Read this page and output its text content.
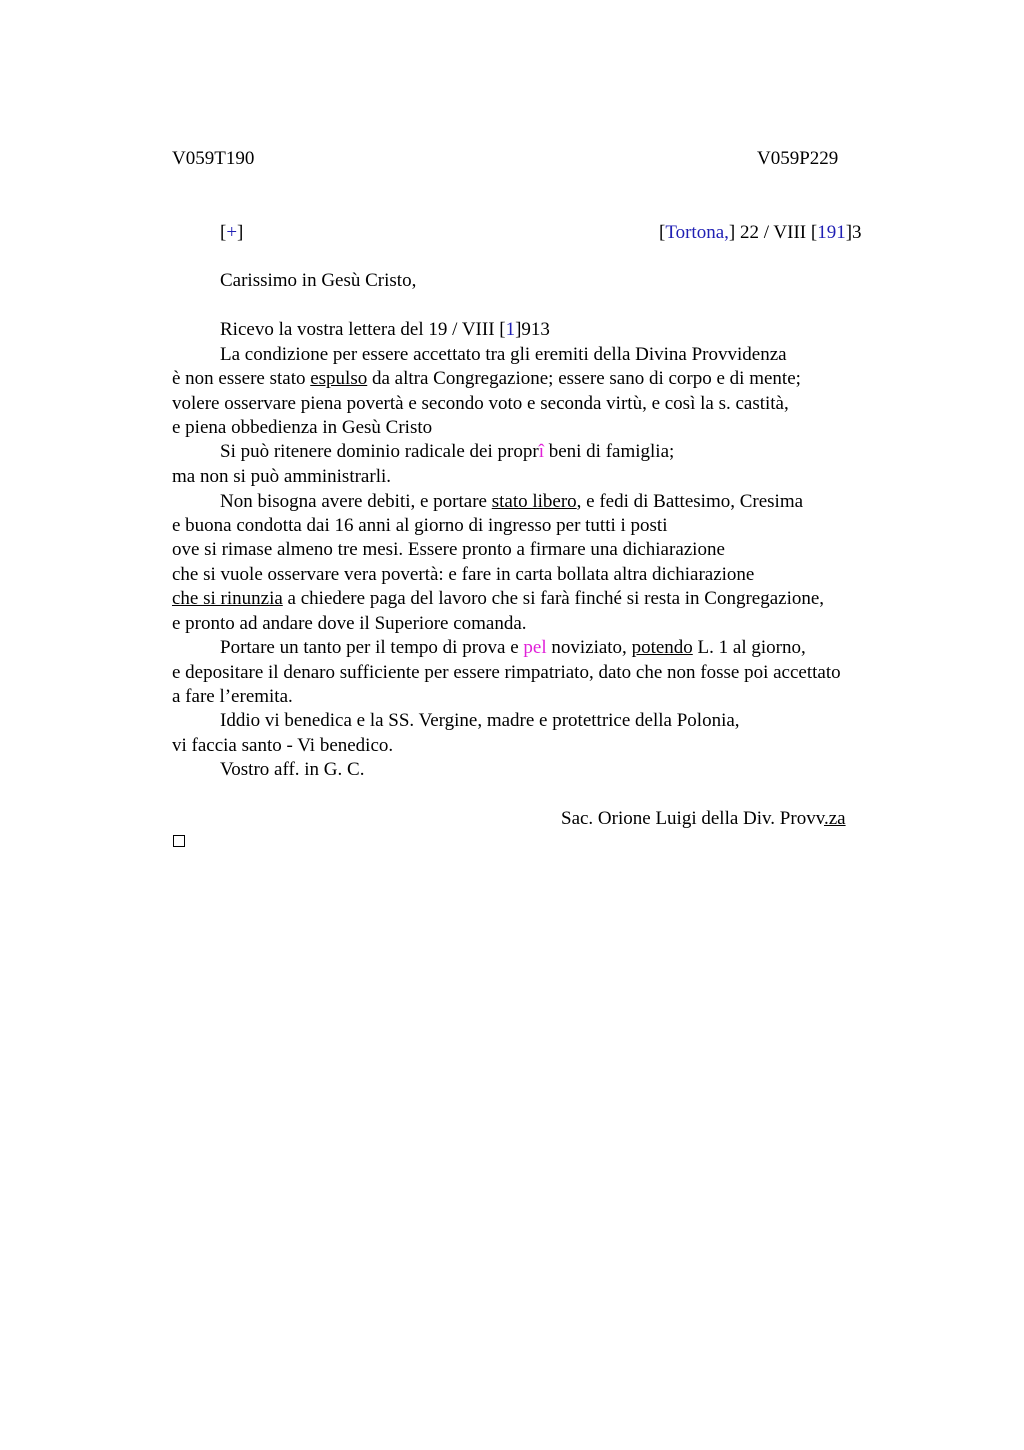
V059T190	V059P229
[+]	[Tortona,] 22 / VIII [191]3
Carissimo in Gesù Cristo,
Ricevo la vostra lettera del 19 / VIII [1]913
La condizione per essere accettato tra gli eremiti della Divina Provvidenza
è non essere stato espulso da altra Congregazione; essere sano di corpo e di mente;
volere osservare piena povertà e secondo voto e seconda virtù, e così la s. castità,
e piena obbedienza in Gesù Cristo
Si può ritenere dominio radicale dei proprî beni di famiglia;
ma non si può amministrarli.
Non bisogna avere debiti, e portare stato libero, e fedi di Battesimo, Cresima
e buona condotta dai 16 anni al giorno di ingresso per tutti i posti
ove si rimase almeno tre mesi. Essere pronto a firmare una dichiarazione
che si vuole osservare vera povertà: e fare in carta bollata altra dichiarazione
che si rinunzia a chiedere paga del lavoro che si farà finché si resta in Congregazione,
e pronto ad andare dove il Superiore comanda.
Portare un tanto per il tempo di prova e pel noviziato, potendo L. 1 al giorno,
e depositare il denaro sufficiente per essere rimpatriato, dato che non fosse poi accettato
a fare l’eremita.
Iddio vi benedica e la SS. Vergine, madre e protettrice della Polonia,
vi faccia santo - Vi benedico.
Vostro aff. in G. C.
Sac. Orione Luigi della Div. Provv.za
